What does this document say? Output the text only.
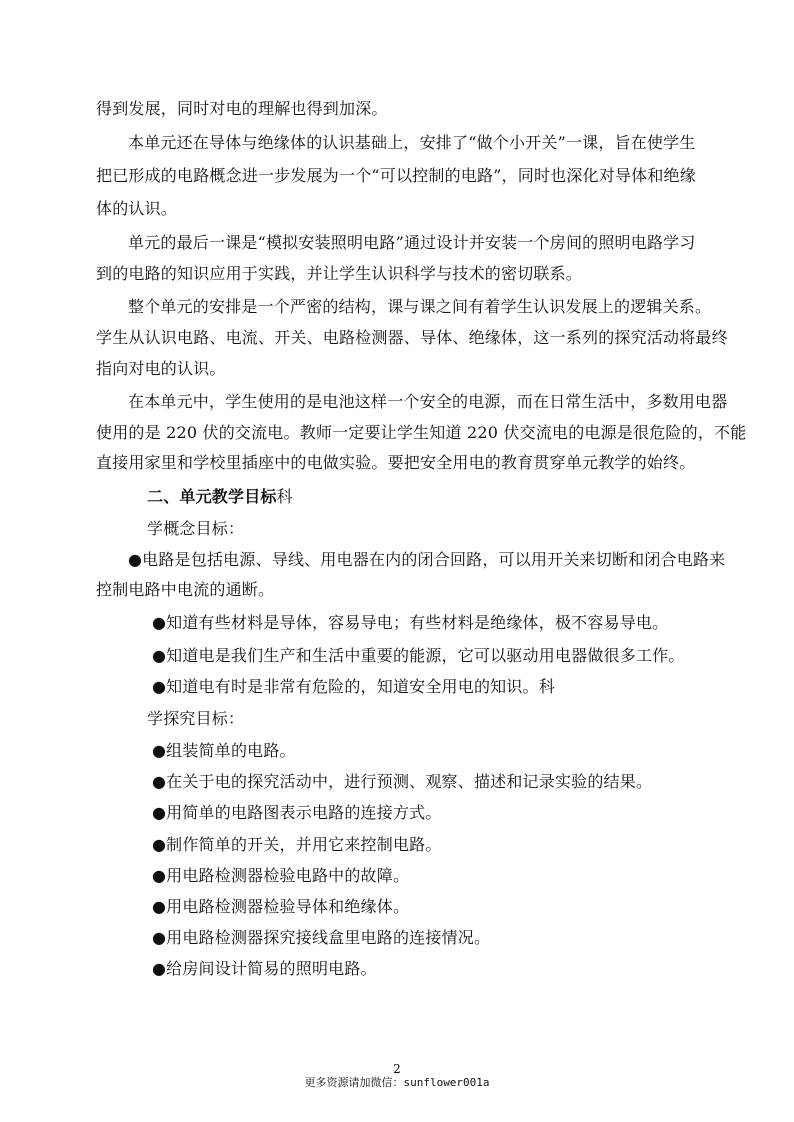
得到发展，同时对电的理解也得到加深。
本单元还在导体与绝缘体的认识基础上，安排了“做个小开关”一课，旨在使学生
把已形成的电路概念进一步发展为一个“可以控制的电路”，同时也深化对导体和绝缘
体的认识。
单元的最后一课是“模拟安装照明电路”通过设计并安装一个房间的照明电路学习
到的电路的知识应用于实践，并让学生认识科学与技术的密切联系。
整个单元的安排是一个严密的结构，课与课之间有着学生认识发展上的逻辑关系。
学生从认识电路、电流、开关、电路检测器、导体、绝缘体，这一系列的探究活动将最终
指向对电的认识。
在本单元中，学生使用的是电池这样一个安全的电源，而在日常生活中，多数用电器
使用的是 220 伏的交流电。教师一定要让学生知道 220 伏交流电的电源是很危险的，不能
直接用家里和学校里插座中的电做实验。要把安全用电的教育贯穿单元教学的始终。
二、单元教学目标科
学概念目标：
●电路是包括电源、导线、用电器在内的闭合回路，可以用开关来切断和闭合电路来
控制电路中电流的通断。
●知道有些材料是导体，容易导电；有些材料是绝缘体，极不容易导电。
●知道电是我们生产和生活中重要的能源，它可以驱动用电器做很多工作。
●知道电有时是非常有危险的，知道安全用电的知识。科
学探究目标：
●组装简单的电路。
●在关于电的探究活动中，进行预测、观察、描述和记录实验的结果。
●用简单的电路图表示电路的连接方式。
●制作简单的开关，并用它来控制电路。
●用电路检测器检验电路中的故障。
●用电路检测器检验导体和绝缘体。
●用电路检测器探究接线盒里电路的连接情况。
●给房间设计简易的照明电路。
2
更多资源请加微信：sunflower001a
